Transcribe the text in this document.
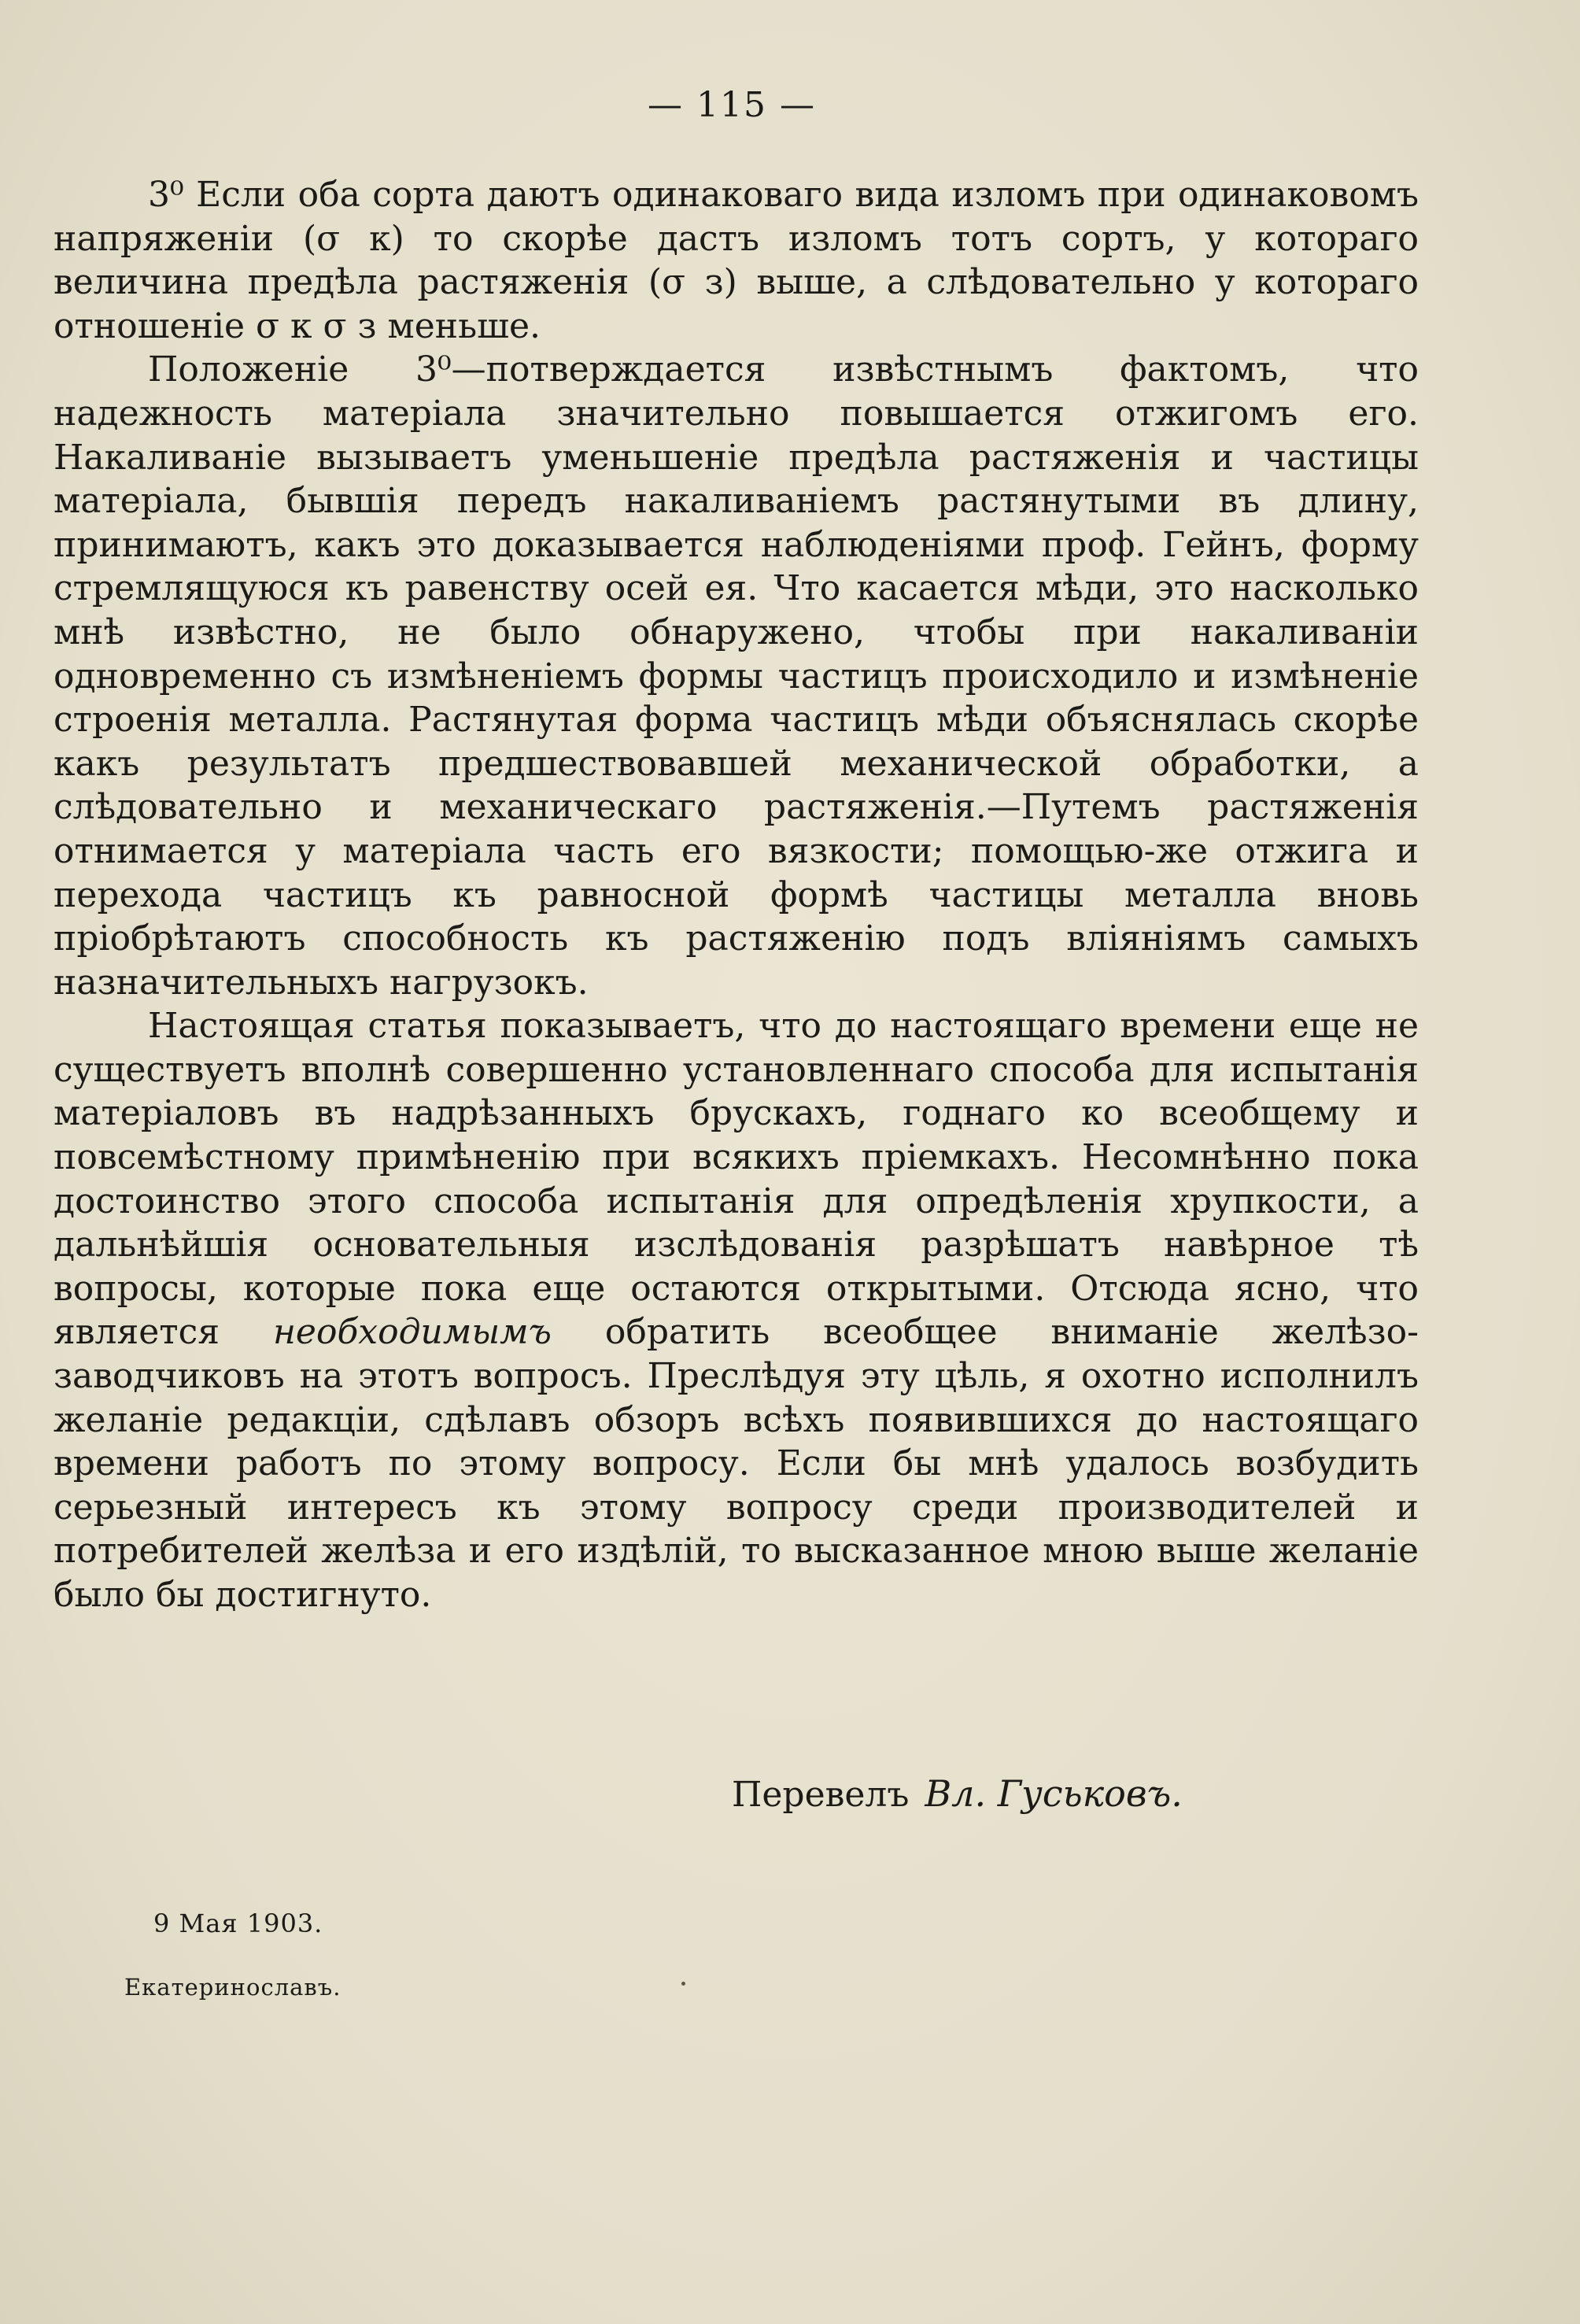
— 115 —

3⁰ Если оба сорта даютъ одинаковаго вида изломъ при одинаковомъ напряженіи (σ к) то скорѣе дастъ изломъ тотъ сортъ, у котораго величина предѣла растяженія (σ з) выше, а слѣдовательно у котораго отношеніе σ к σ з меньше.

Положеніе 3⁰—потверждается извѣстнымъ фактомъ, что надежность матеріала значительно повышается отжигомъ его. Накаливаніе вызываетъ уменьшеніе предѣла растяженія и частицы матеріала, бывшія передъ накаливаніемъ растянутыми въ длину, принимаютъ, какъ это доказывается наблюденіями проф. Гейнъ, форму стремлящуюся къ равенству осей ея. Что касается мѣди, это насколько мнѣ извѣстно, не было обнаружено, чтобы при накаливаніи одновременно съ измѣненіемъ формы частицъ происходило и измѣненіе строенія металла. Растянутая форма частицъ мѣди объяснялась скорѣе какъ результатъ предшествовавшей механической обработки, а слѣдовательно и механическаго растяженія.—Путемъ растяженія отнимается у матеріала часть его вязкости; помощью-же отжига и перехода частицъ къ равносной формѣ частицы металла вновь пріобрѣтаютъ способность къ растяженію подъ вліяніямъ самыхъ назначительныхъ нагрузокъ.

Настоящая статья показываетъ, что до настоящаго времени еще не существуетъ вполнѣ совершенно установленнаго способа для испытанія матеріаловъ въ надрѣзанныхъ брускахъ, годнаго ко всеобщему и повсемѣстному примѣненію при всякихъ пріемкахъ. Несомнѣнно пока достоинство этого способа испытанія для опредѣленія хрупкости, а дальнѣйшія основательныя изслѣдованія разрѣшатъ навѣрное тѣ вопросы, которые пока еще остаются открытыми. Отсюда ясно, что является необходимымъ обратить всеобщее вниманіе желѣзо-заводчиковъ на этотъ вопросъ. Преслѣдуя эту цѣль, я охотно исполнилъ желаніе редакціи, сдѣлавъ обзоръ всѣхъ появившихся до настоящаго времени работъ по этому вопросу. Если бы мнѣ удалось возбудить серьезный интересъ къ этому вопросу среди производителей и потребителей желѣза и его издѣлій, то высказанное мною выше желаніе было бы достигнуто.

Перевелъ Вл. Гуськовъ.
9 Мая 1903.
Екатеринославъ.
